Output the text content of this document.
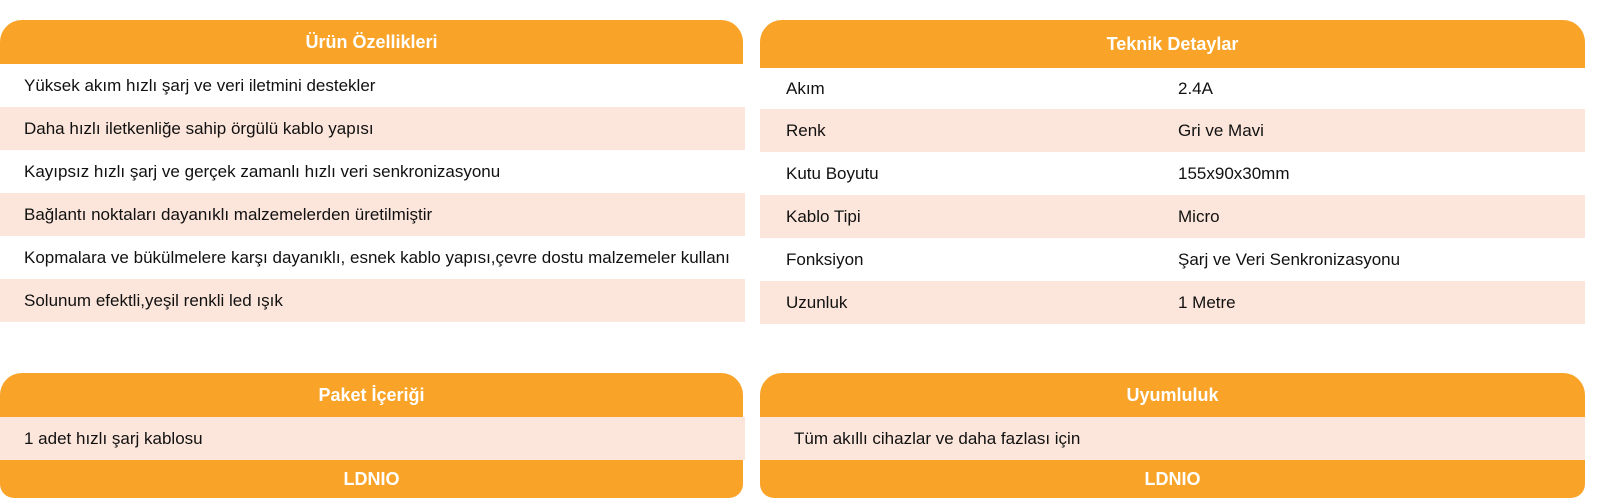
Ürün Özellikleri
Yüksek akım hızlı şarj ve veri iletmini destekler
Daha hızlı iletkenliğe sahip örgülü kablo yapısı
Kayıpsız hızlı şarj ve gerçek zamanlı hızlı veri senkronizasyonu
Bağlantı noktaları dayanıklı malzemelerden üretilmiştir
Kopmalara ve bükülmelere karşı dayanıklı, esnek kablo yapısı,çevre dostu malzemeler kullanı
Solunum efektli,yeşil renkli led ışık
Teknik Detaylar
Akım	2.4A
Renk	Gri ve Mavi
Kutu Boyutu	155x90x30mm
Kablo Tipi	Micro
Fonksiyon	Şarj ve Veri Senkronizasyonu
Uzunluk	1 Metre
Paket İçeriği
1 adet hızlı şarj kablosu
LDNIO
Uyumluluk
Tüm akıllı cihazlar ve daha fazlası için
LDNIO
